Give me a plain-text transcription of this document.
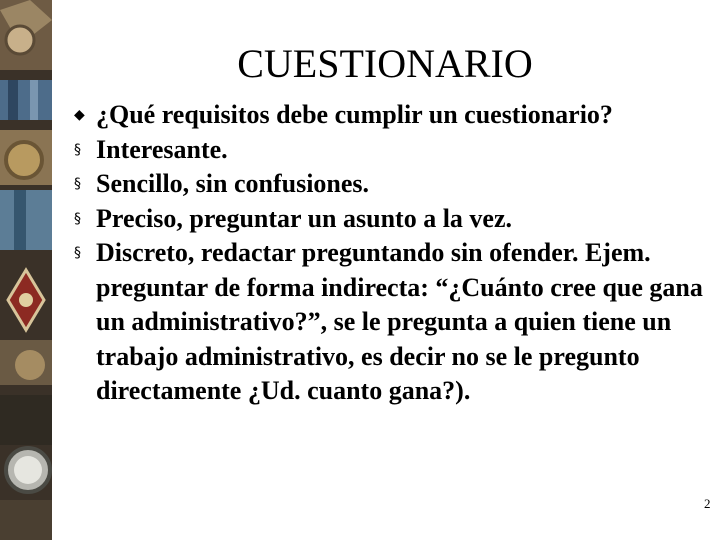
CUESTIONARIO
◆ ¿Qué requisitos debe cumplir un cuestionario?
§ Interesante.
§ Sencillo, sin confusiones.
§ Preciso, preguntar un asunto a la vez.
§ Discreto, redactar preguntando sin ofender. Ejem. preguntar de forma indirecta: “¿Cuánto cree que gana un administrativo?”, se le pregunta a quien tiene un trabajo administrativo, es decir no se le pregunto directamente ¿Ud. cuanto gana?).
2
